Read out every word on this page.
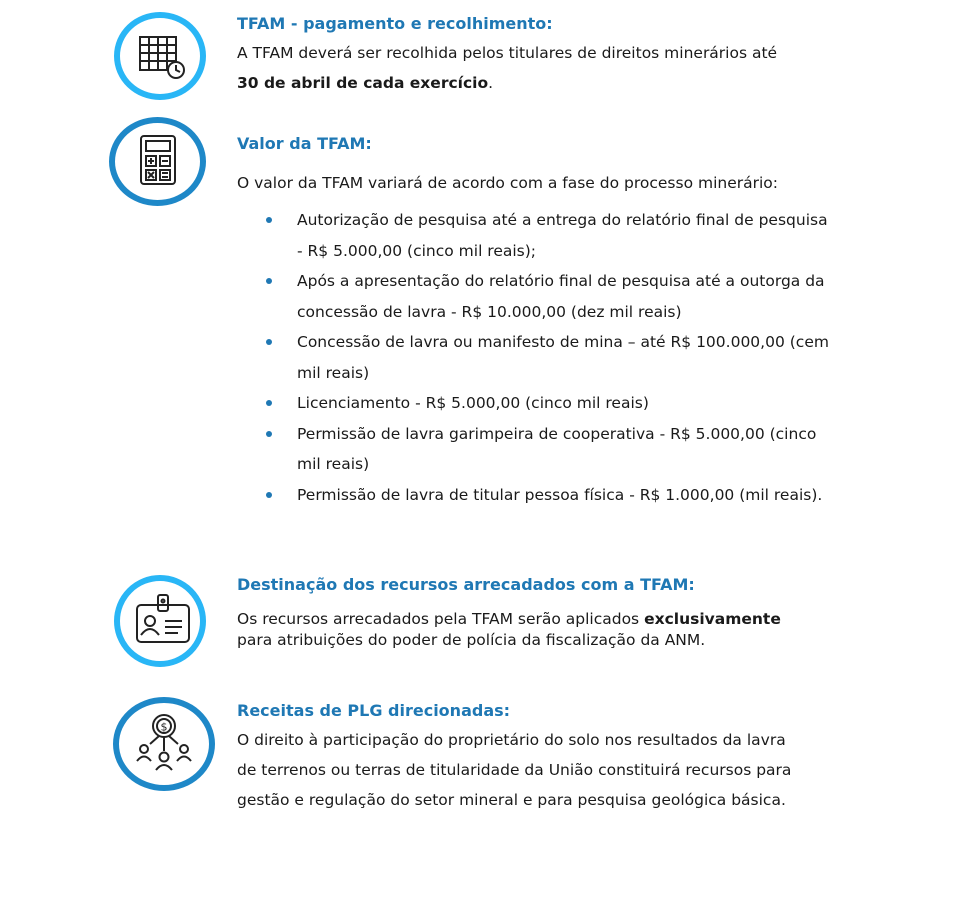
TFAM - pagamento e recolhimento:

A TFAM deverá ser recolhida pelos titulares de direitos minerários até
30 de abril de cada exercício.

Valor da TFAM:

O valor da TFAM variará de acordo com a fase do processo minerário:

Autorização de pesquisa até a entrega do relatório final de pesquisa - R$ 5.000,00 (cinco mil reais);
Após a apresentação do relatório final de pesquisa até a outorga da concessão de lavra - R$ 10.000,00 (dez mil reais)
Concessão de lavra ou manifesto de mina – até R$ 100.000,00 (cem mil reais)
Licenciamento - R$ 5.000,00 (cinco mil reais)
Permissão de lavra garimpeira de cooperativa - R$ 5.000,00 (cinco mil reais)
Permissão de lavra de titular pessoa física - R$ 1.000,00 (mil reais).
Destinação dos recursos arrecadados com a TFAM:

Os recursos arrecadados pela TFAM serão aplicados exclusivamente
para atribuições do poder de polícia da fiscalização da ANM.

$
Receitas de PLG direcionadas:

O direito à participação do proprietário do solo nos resultados da lavra de terrenos ou terras de titularidade da União constituirá recursos para gestão e regulação do setor mineral e para pesquisa geológica básica.
